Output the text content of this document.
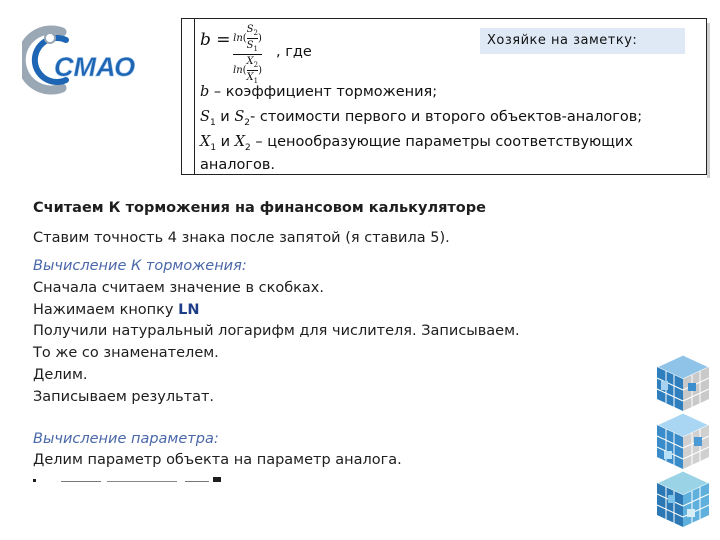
СМАО
Хозяйке на заметку:
b = ln ( $\frac{S_2}{S_1}$ )
ln ( $\frac{X_2}{X_1}$ )
, где
b – коэффициент торможения;
$S_1$ и $S_2-$ стоимости первого и второго объектов-аналогов;
$X_1$ и $X_2$ – ценообразующие параметры соответствующих
аналогов.
Считаем К торможения на финансовом калькуляторе
Ставим точность 4 знака после запятой (я ставила 5).
Вычисление К торможения:
Сначала считаем значение в скобках.
Нажимаем кнопку LN
Получили натуральный логарифм для числителя. Записываем.
То же со знаменателем.
Делим.
Записываем результат.
Вычисление параметра:
Делим параметр объекта на параметр аналога.
